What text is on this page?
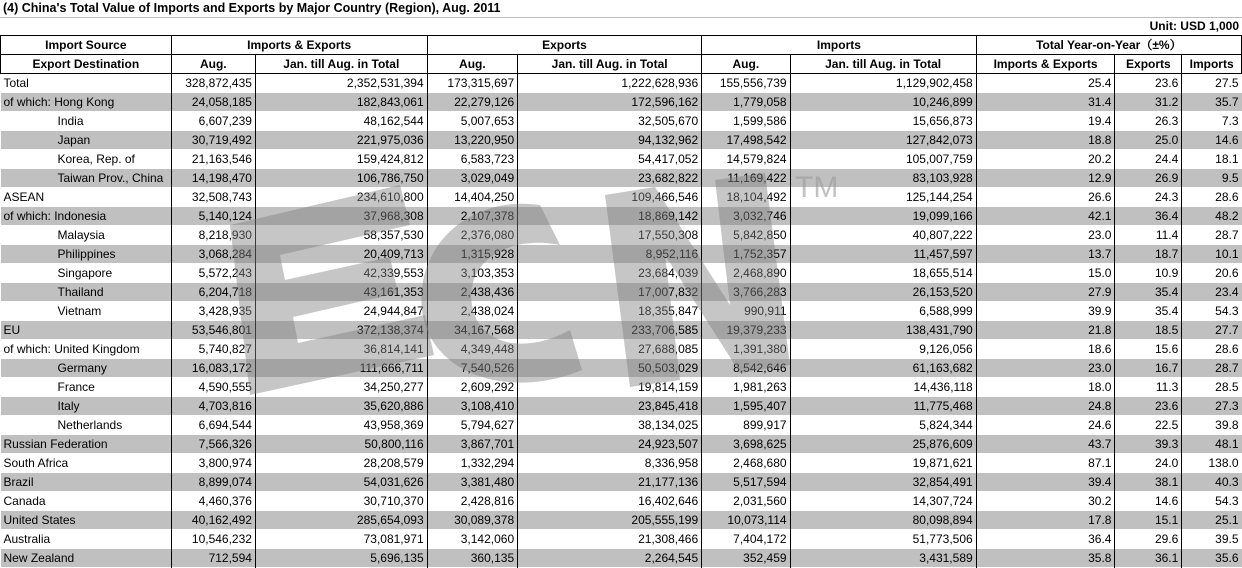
(4) China's Total Value of Imports and Exports by Major Country (Region), Aug. 2011
Unit: USD 1,000
Import Source	Imports & Exports		Exports		Imports		Total Year-on-Year（±%）		
Export Destination	Aug.	Jan. till Aug. in Total	Aug.	Jan. till Aug. in Total	Aug.	Jan. till Aug. in Total	Imports & Exports	Exports	Imports
Total	328,872,435	2,352,531,394	173,315,697	1,222,628,936	155,556,739	1,129,902,458	25.4	23.6	27.5
of which: Hong Kong	24,058,185	182,843,061	22,279,126	172,596,162	1,779,058	10,246,899	31.4	31.2	35.7
India	6,607,239	48,162,544	5,007,653	32,505,670	1,599,586	15,656,873	19.4	26.3	7.3
Japan	30,719,492	221,975,036	13,220,950	94,132,962	17,498,542	127,842,073	18.8	25.0	14.6
Korea, Rep. of	21,163,546	159,424,812	6,583,723	54,417,052	14,579,824	105,007,759	20.2	24.4	18.1
Taiwan Prov., China	14,198,470	106,786,750	3,029,049	23,682,822	11,169,422	83,103,928	12.9	26.9	9.5
ASEAN	32,508,743	234,610,800	14,404,250	109,466,546	18,104,492	125,144,254	26.6	24.3	28.6
of which: Indonesia	5,140,124	37,968,308	2,107,378	18,869,142	3,032,746	19,099,166	42.1	36.4	48.2
Malaysia	8,218,930	58,357,530	2,376,080	17,550,308	5,842,850	40,807,222	23.0	11.4	28.7
Philippines	3,068,284	20,409,713	1,315,928	8,952,116	1,752,357	11,457,597	13.7	18.7	10.1
Singapore	5,572,243	42,339,553	3,103,353	23,684,039	2,468,890	18,655,514	15.0	10.9	20.6
Thailand	6,204,718	43,161,353	2,438,436	17,007,832	3,766,283	26,153,520	27.9	35.4	23.4
Vietnam	3,428,935	24,944,847	2,438,024	18,355,847	990,911	6,588,999	39.9	35.4	54.3
EU	53,546,801	372,138,374	34,167,568	233,706,585	19,379,233	138,431,790	21.8	18.5	27.7
of which: United Kingdom	5,740,827	36,814,141	4,349,448	27,688,085	1,391,380	9,126,056	18.6	15.6	28.6
Germany	16,083,172	111,666,711	7,540,526	50,503,029	8,542,646	61,163,682	23.0	16.7	28.7
France	4,590,555	34,250,277	2,609,292	19,814,159	1,981,263	14,436,118	18.0	11.3	28.5
Italy	4,703,816	35,620,886	3,108,410	23,845,418	1,595,407	11,775,468	24.8	23.6	27.3
Netherlands	6,694,544	43,958,369	5,794,627	38,134,025	899,917	5,824,344	24.6	22.5	39.8
Russian Federation	7,566,326	50,800,116	3,867,701	24,923,507	3,698,625	25,876,609	43.7	39.3	48.1
South Africa	3,800,974	28,208,579	1,332,294	8,336,958	2,468,680	19,871,621	87.1	24.0	138.0
Brazil	8,899,074	54,031,626	3,381,480	21,177,136	5,517,594	32,854,491	39.4	38.1	40.3
Canada	4,460,376	30,710,370	2,428,816	16,402,646	2,031,560	14,307,724	30.2	14.6	54.3
United States	40,162,492	285,654,093	30,089,378	205,555,199	10,073,114	80,098,894	17.8	15.1	25.1
Australia	10,546,232	73,081,971	3,142,060	21,308,466	7,404,172	51,773,506	36.4	29.6	39.5
New Zealand	712,594	5,696,135	360,135	2,264,545	352,459	3,431,589	35.8	36.1	35.6
TM
